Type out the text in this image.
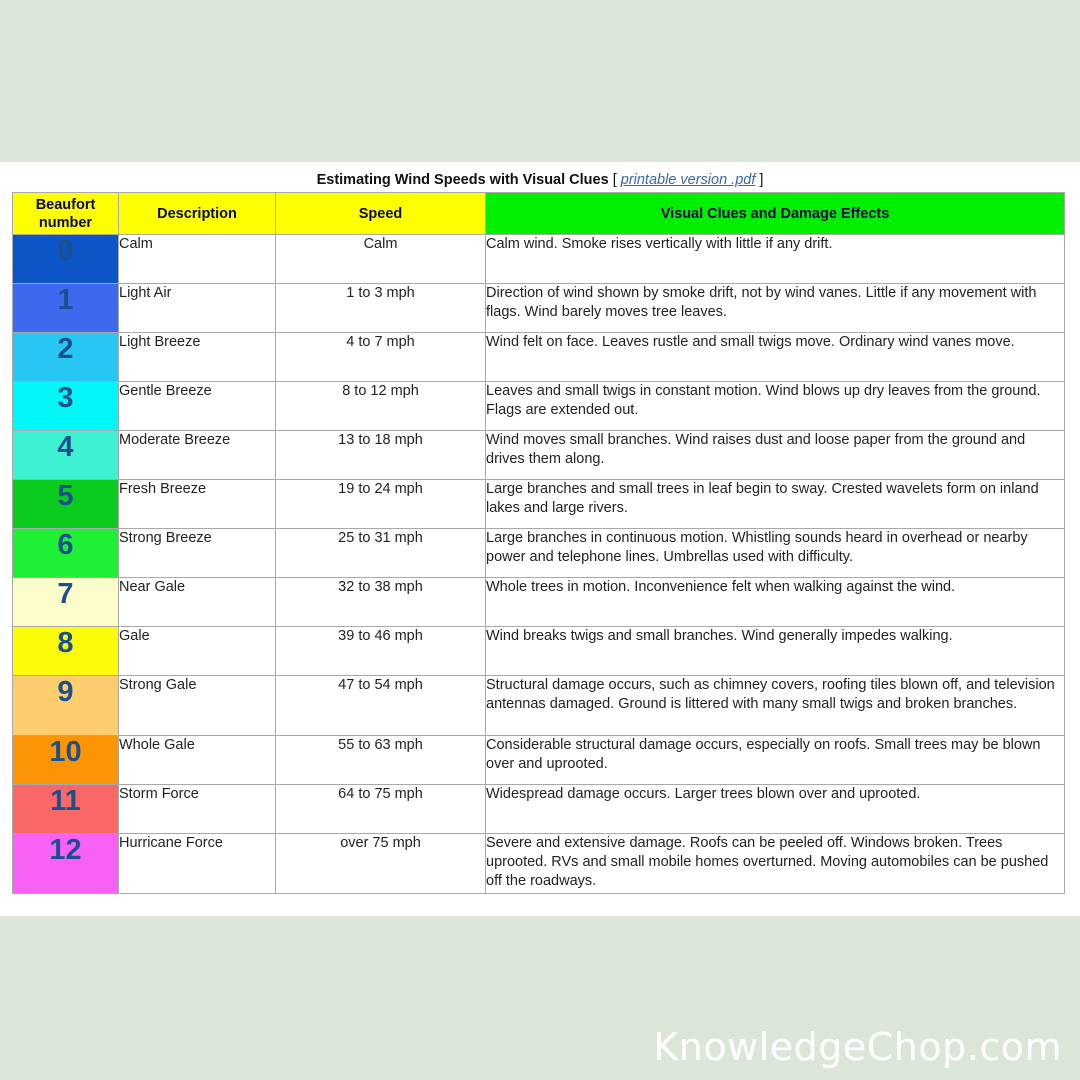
Estimating Wind Speeds with Visual Clues [ printable version .pdf ]
Beaufort number	Description	Speed	Visual Clues and Damage Effects
0	Calm	Calm	Calm wind. Smoke rises vertically with little if any drift.
1	Light Air	1 to 3 mph	Direction of wind shown by smoke drift, not by wind vanes. Little if any movement with flags. Wind barely moves tree leaves.
2	Light Breeze	4 to 7 mph	Wind felt on face. Leaves rustle and small twigs move. Ordinary wind vanes move.
3	Gentle Breeze	8 to 12 mph	Leaves and small twigs in constant motion. Wind blows up dry leaves from the ground. Flags are extended out.
4	Moderate Breeze	13 to 18 mph	Wind moves small branches. Wind raises dust and loose paper from the ground and drives them along.
5	Fresh Breeze	19 to 24 mph	Large branches and small trees in leaf begin to sway. Crested wavelets form on inland lakes and large rivers.
6	Strong Breeze	25 to 31 mph	Large branches in continuous motion. Whistling sounds heard in overhead or nearby power and telephone lines. Umbrellas used with difficulty.
7	Near Gale	32 to 38 mph	Whole trees in motion. Inconvenience felt when walking against the wind.
8	Gale	39 to 46 mph	Wind breaks twigs and small branches. Wind generally impedes walking.
9	Strong Gale	47 to 54 mph	Structural damage occurs, such as chimney covers, roofing tiles blown off, and television antennas damaged. Ground is littered with many small twigs and broken branches.
10	Whole Gale	55 to 63 mph	Considerable structural damage occurs, especially on roofs. Small trees may be blown over and uprooted.
11	Storm Force	64 to 75 mph	Widespread damage occurs. Larger trees blown over and uprooted.
12	Hurricane Force	over 75 mph	Severe and extensive damage. Roofs can be peeled off. Windows broken. Trees uprooted. RVs and small mobile homes overturned. Moving automobiles can be pushed off the roadways.
KnowledgeChop.com
